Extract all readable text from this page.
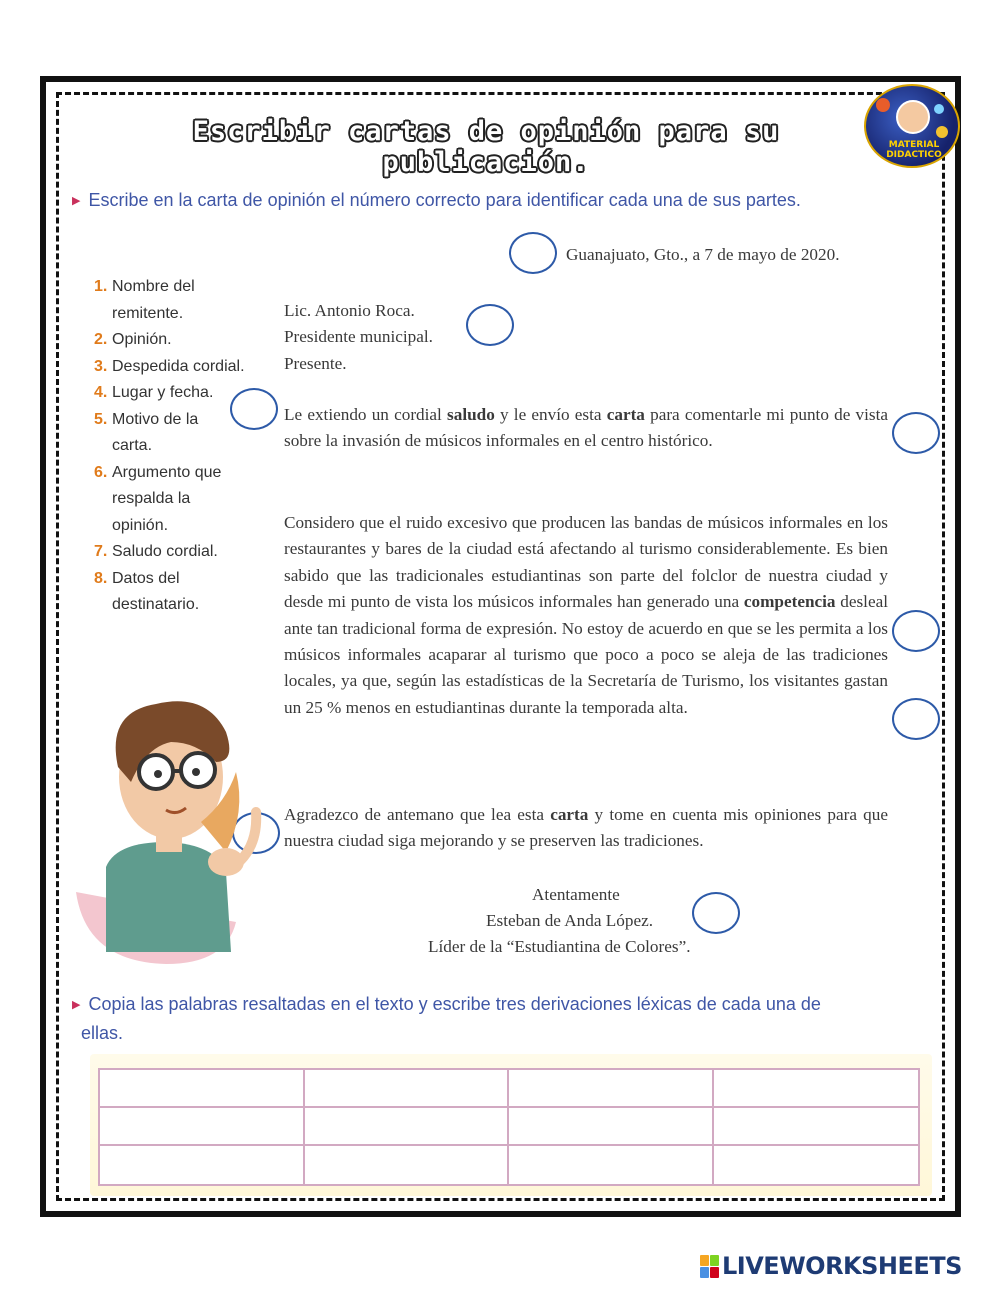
Escribir cartas de opinión para su publicación.
MATERIAL DIDACTICO
▶ Escribe en la carta de opinión el número correcto para identificar cada una de sus partes.
1. Nombre del remitente.
2. Opinión.
3. Despedida cordial.
4. Lugar y fecha.
5. Motivo de la carta.
6. Argumento que respalda la opinión.
7. Saludo cordial.
8. Datos del destinatario.
Guanajuato, Gto., a 7 de mayo de 2020.
Lic. Antonio Roca.
Presidente municipal.
Presente.
Le extiendo un cordial saludo y le envío esta carta para comentarle mi punto de vista sobre la invasión de músicos informales en el centro histórico.
Considero que el ruido excesivo que producen las bandas de músicos informales en los restaurantes y bares de la ciudad está afectando al turismo considerablemente. Es bien sabido que las tradicionales estudiantinas son parte del folclor de nuestra ciudad y desde mi punto de vista los músicos informales han generado una competencia desleal ante tan tradicional forma de expresión. No estoy de acuerdo en que se les permita a los músicos informales acaparar al turismo que poco a poco se aleja de las tradiciones locales, ya que, según las estadísticas de la Secretaría de Turismo, los visitantes gastan un 25 % menos en estudiantinas durante la temporada alta.
Agradezco de antemano que lea esta carta y tome en cuenta mis opiniones para que nuestra ciudad siga mejorando y se preserven las tradiciones.
Atentamente
Esteban de Anda López.
Líder de la “Estudiantina de Colores”.
▶ Copia las palabras resaltadas en el texto y escribe tres derivaciones léxicas de cada una de
ellas.
LIVEWORKSHEETS
